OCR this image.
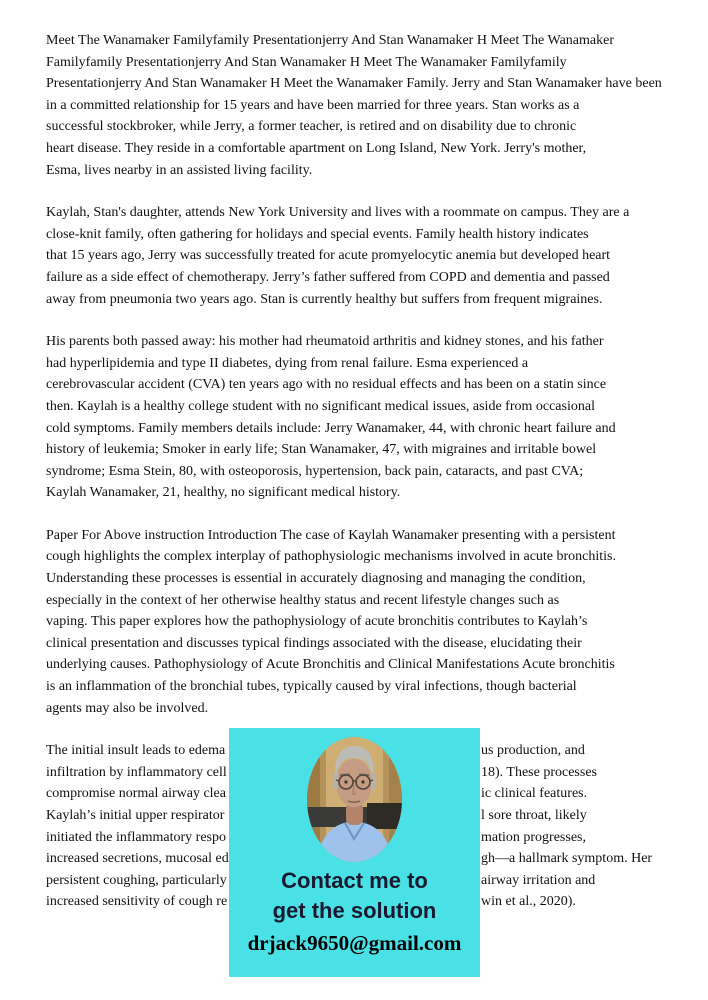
Meet The Wanamaker Familyfamily Presentationjerry And Stan Wanamaker H Meet The Wanamaker
Familyfamily Presentationjerry And Stan Wanamaker H Meet The Wanamaker Familyfamily
Presentationjerry And Stan Wanamaker H Meet the Wanamaker Family. Jerry and Stan Wanamaker have been
in a committed relationship for 15 years and have been married for three years. Stan works as a
successful stockbroker, while Jerry, a former teacher, is retired and on disability due to chronic
heart disease. They reside in a comfortable apartment on Long Island, New York. Jerry's mother,
Esma, lives nearby in an assisted living facility.
Kaylah, Stan's daughter, attends New York University and lives with a roommate on campus. They are a
close-knit family, often gathering for holidays and special events. Family health history indicates
that 15 years ago, Jerry was successfully treated for acute promyelocytic anemia but developed heart
failure as a side effect of chemotherapy. Jerry’s father suffered from COPD and dementia and passed
away from pneumonia two years ago. Stan is currently healthy but suffers from frequent migraines.
His parents both passed away: his mother had rheumatoid arthritis and kidney stones, and his father
had hyperlipidemia and type II diabetes, dying from renal failure. Esma experienced a
cerebrovascular accident (CVA) ten years ago with no residual effects and has been on a statin since
then. Kaylah is a healthy college student with no significant medical issues, aside from occasional
cold symptoms. Family members details include: Jerry Wanamaker, 44, with chronic heart failure and
history of leukemia; Smoker in early life; Stan Wanamaker, 47, with migraines and irritable bowel
syndrome; Esma Stein, 80, with osteoporosis, hypertension, back pain, cataracts, and past CVA;
Kaylah Wanamaker, 21, healthy, no significant medical history.
Paper For Above instruction Introduction The case of Kaylah Wanamaker presenting with a persistent
cough highlights the complex interplay of pathophysiologic mechanisms involved in acute bronchitis.
Understanding these processes is essential in accurately diagnosing and managing the condition,
especially in the context of her otherwise healthy status and recent lifestyle changes such as
vaping. This paper explores how the pathophysiology of acute bronchitis contributes to Kaylah’s
clinical presentation and discusses typical findings associated with the disease, elucidating their
underlying causes. Pathophysiology of Acute Bronchitis and Clinical Manifestations Acute bronchitis
is an inflammation of the bronchial tubes, typically caused by viral infections, though bacterial
agents may also be involved.
The initial insult leads to edema	us production, and
infiltration by inflammatory cell	18). These processes
compromise normal airway clea	ic clinical features.
Kaylah’s initial upper respirator	l sore throat, likely
initiated the inflammatory respo	mation progresses,
increased secretions, mucosal ed	gh—a hallmark symptom. Her
persistent coughing, particularly	airway irritation and
increased sensitivity of cough re	win et al., 2020).
Contact me to
get the solution
drjack9650@gmail.com
